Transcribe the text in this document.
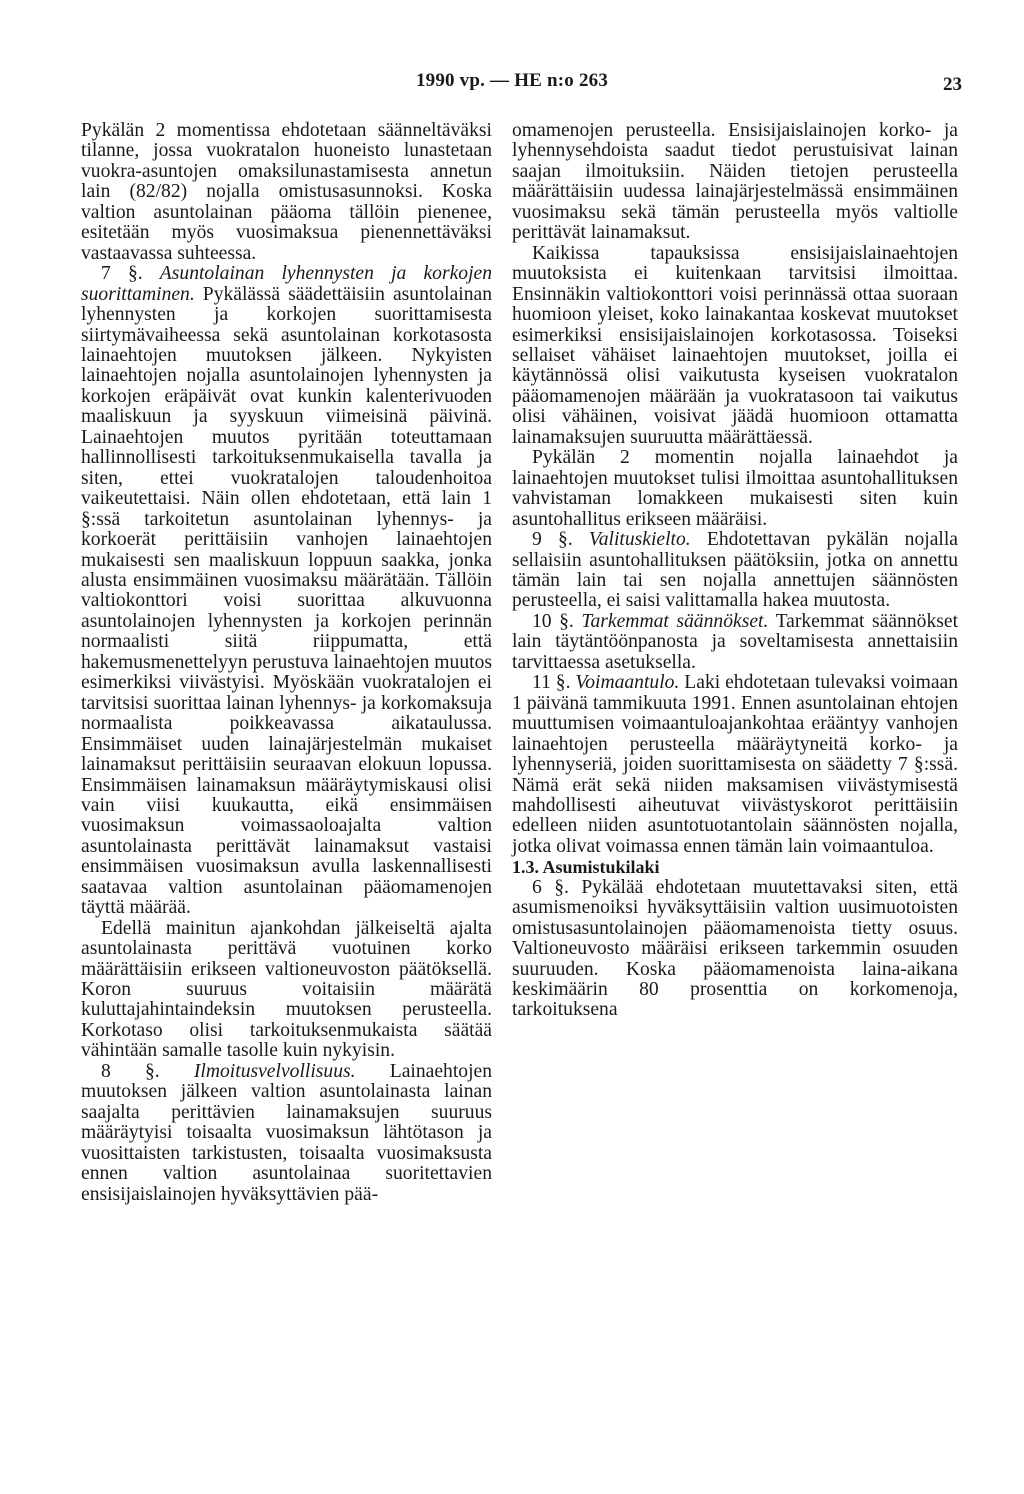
1990 vp. — HE n:o 263	23

Pykälän 2 momentissa ehdotetaan säänneltäväksi tilanne, jossa vuokratalon huoneisto lunastetaan vuokra-asuntojen omaksilunastamisesta annetun lain (82/82) nojalla omistusasunnoksi. Koska valtion asuntolainan pääoma tällöin pienenee, esitetään myös vuosimaksua pienennettäväksi vastaavassa suhteessa.

7 §. Asuntolainan lyhennysten ja korkojen suorittaminen. Pykälässä säädettäisiin asuntolainan lyhennysten ja korkojen suorittamisesta siirtymävaiheessa sekä asuntolainan korkotasosta lainaehtojen muutoksen jälkeen. Nykyisten lainaehtojen nojalla asuntolainojen lyhennysten ja korkojen eräpäivät ovat kunkin kalenterivuoden maaliskuun ja syyskuun viimeisinä päivinä. Lainaehtojen muutos pyritään toteuttamaan hallinnollisesti tarkoituksenmukaisella tavalla ja siten, ettei vuokratalojen taloudenhoitoa vaikeutettaisi. Näin ollen ehdotetaan, että lain 1 §:ssä tarkoitetun asuntolainan lyhennys- ja korkoerät perittäisiin vanhojen lainaehtojen mukaisesti sen maaliskuun loppuun saakka, jonka alusta ensimmäinen vuosimaksu määrätään. Tällöin valtiokonttori voisi suorittaa alkuvuonna asuntolainojen lyhennysten ja korkojen perinnän normaalisti siitä riippumatta, että hakemusmenettelyyn perustuva lainaehtojen muutos esimerkiksi viivästyisi. Myöskään vuokratalojen ei tarvitsisi suorittaa lainan lyhennys- ja korkomaksuja normaalista poikkeavassa aikataulussa. Ensimmäiset uuden lainajärjestelmän mukaiset lainamaksut perittäisiin seuraavan elokuun lopussa. Ensimmäisen lainamaksun määräytymiskausi olisi vain viisi kuukautta, eikä ensimmäisen vuosimaksun voimassaoloajalta valtion asuntolainasta perittävät lainamaksut vastaisi ensimmäisen vuosimaksun avulla laskennallisesti saatavaa valtion asuntolainan pääomamenojen täyttä määrää.

Edellä mainitun ajankohdan jälkeiseltä ajalta asuntolainasta perittävä vuotuinen korko määrättäisiin erikseen valtioneuvoston päätöksellä. Koron suuruus voitaisiin määrätä kuluttajahintaindeksin muutoksen perusteella. Korkotaso olisi tarkoituksenmukaista säätää vähintään samalle tasolle kuin nykyisin.

8 §. Ilmoitusvelvollisuus. Lainaehtojen muutoksen jälkeen valtion asuntolainasta lainan saajalta perittävien lainamaksujen suuruus määräytyisi toisaalta vuosimaksun lähtötason ja vuosittaisten tarkistusten, toisaalta vuosimaksusta ennen valtion asuntolainaa suoritettavien ensisijaislainojen hyväksyttävien pää-

omamenojen perusteella. Ensisijaislainojen korko- ja lyhennysehdoista saadut tiedot perustuisivat lainan saajan ilmoituksiin. Näiden tietojen perusteella määrättäisiin uudessa lainajärjestelmässä ensimmäinen vuosimaksu sekä tämän perusteella myös valtiolle perittävät lainamaksut.

Kaikissa tapauksissa ensisijaislainaehtojen muutoksista ei kuitenkaan tarvitsisi ilmoittaa. Ensinnäkin valtiokonttori voisi perinnässä ottaa suoraan huomioon yleiset, koko lainakantaa koskevat muutokset esimerkiksi ensisijaislainojen korkotasossa. Toiseksi sellaiset vähäiset lainaehtojen muutokset, joilla ei käytännössä olisi vaikutusta kyseisen vuokratalon pääomamenojen määrään ja vuokratasoon tai vaikutus olisi vähäinen, voisivat jäädä huomioon ottamatta lainamaksujen suuruutta määrättäessä.

Pykälän 2 momentin nojalla lainaehdot ja lainaehtojen muutokset tulisi ilmoittaa asuntohallituksen vahvistaman lomakkeen mukaisesti siten kuin asuntohallitus erikseen määräisi.

9 §. Valituskielto. Ehdotettavan pykälän nojalla sellaisiin asuntohallituksen päätöksiin, jotka on annettu tämän lain tai sen nojalla annettujen säännösten perusteella, ei saisi valittamalla hakea muutosta.

10 §. Tarkemmat säännökset. Tarkemmat säännökset lain täytäntöönpanosta ja soveltamisesta annettaisiin tarvittaessa asetuksella.

11 §. Voimaantulo. Laki ehdotetaan tulevaksi voimaan 1 päivänä tammikuuta 1991. Ennen asuntolainan ehtojen muuttumisen voimaantuloajankohtaa erääntyy vanhojen lainaehtojen perusteella määräytyneitä korko- ja lyhennyseriä, joiden suorittamisesta on säädetty 7 §:ssä. Nämä erät sekä niiden maksamisen viivästymisestä mahdollisesti aiheutuvat viivästyskorot perittäisiin edelleen niiden asuntotuotantolain säännösten nojalla, jotka olivat voimassa ennen tämän lain voimaantuloa.

1.3. Asumistukilaki

6 §. Pykälää ehdotetaan muutettavaksi siten, että asumismenoiksi hyväksyttäisiin valtion uusimuotoisten omistusasuntolainojen pääomamenoista tietty osuus. Valtioneuvosto määräisi erikseen tarkemmin osuuden suuruuden. Koska pääomamenoista laina-aikana keskimäärin 80 prosenttia on korkomenoja, tarkoituksena
